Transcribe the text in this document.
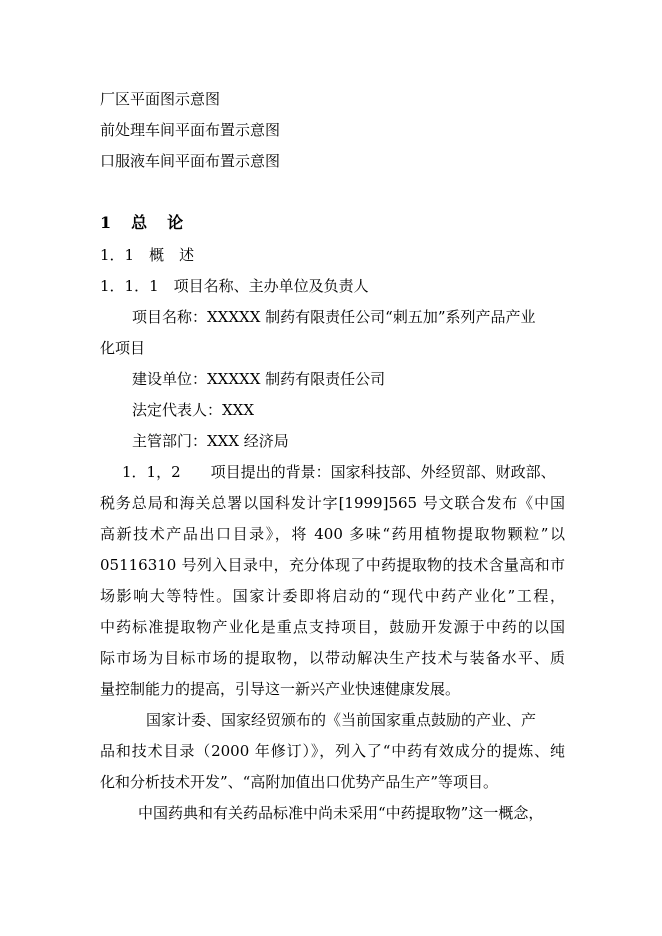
厂区平面图示意图
前处理车间平面布置示意图
口服液车间平面布置示意图
1　总　论
1．1　概　述
1．1．1　项目名称、主办单位及负责人
项目名称：XXXXX 制药有限责任公司“刺五加”系列产品产业
化项目
建设单位：XXXXX 制药有限责任公司
法定代表人：XXX
主管部门：XXX 经济局
1．1，2　　项目提出的背景：国家科技部、外经贸部、财政部、
税务总局和海关总署以国科发计字[1999]565 号文联合发布《中国
高新技术产品出口目录》，将 400 多味“药用植物提取物颗粒”以
05116310 号列入目录中，充分体现了中药提取物的技术含量高和市
场影响大等特性。国家计委即将启动的“现代中药产业化”工程，
中药标准提取物产业化是重点支持项目，鼓励开发源于中药的以国
际市场为目标市场的提取物，以带动解决生产技术与装备水平、质
量控制能力的提高，引导这一新兴产业快速健康发展。
国家计委、国家经贸颁布的《当前国家重点鼓励的产业、产
品和技术目录（2000 年修订）》，列入了“中药有效成分的提炼、纯
化和分析技术开发”、“高附加值出口优势产品生产”等项目。
中国药典和有关药品标准中尚未采用“中药提取物”这一概念，
